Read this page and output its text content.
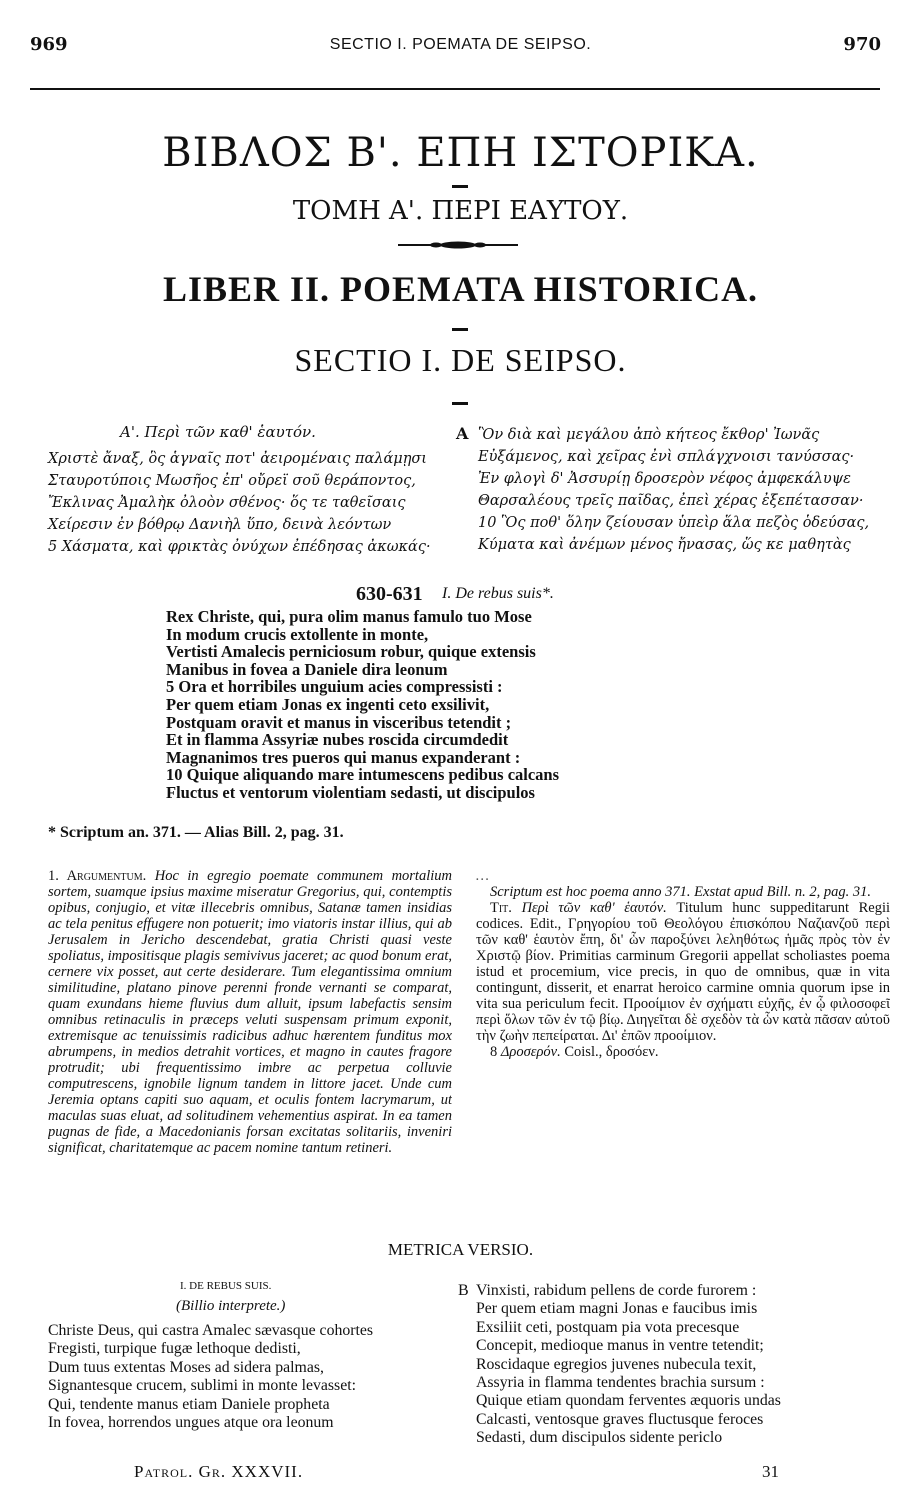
969	SECTIO I. POEMATA DE SEIPSO.	970
ΒΙΒΛΟΣ Β'. ΕΠΗ ΙΣΤΟΡΙΚΑ.
ΤΟΜΗ Α'. ΠΕΡΙ ΕΑΥΤΟΥ.
LIBER II. POEMATA HISTORICA.
SECTIO I. DE SEIPSO.
Α'. Περὶ τῶν καθ' ἑαυτόν.
Χριστὲ ἄναξ, ὃς ἁγναῖς ποτ' ἀειρομέναις παλάμῃσι
Σταυροτύποις Μωσῆος ἐπ' οὔρεϊ σοῦ θεράποντος,
Ἔκλινας Ἀμαλὴκ ὀλοὸν σθένος· ὅς τε ταθεῖσαις
Χείρεσιν ἐν βόθρῳ Δανιὴλ ὕπο, δεινὰ λεόντων
5 Χάσματα, καὶ φρικτὰς ὀνύχων ἐπέδησας ἀκωκάς·
A Ὃν διὰ καὶ μεγάλου ἀπὸ κήτεος ἔκθορ' Ἰωνᾶς
Εὐξάμενος, καὶ χεῖρας ἐνὶ σπλάγχνοισι τανύσσας·
Ἐν φλογὶ δ' Ἀσσυρίῃ δροσερὸν νέφος ἀμφεκάλυψε
Θαρσαλέους τρεῖς παῖδας, ἐπεὶ χέρας ἐξεπέτασσαν·
10 Ὃς ποθ' ὅλην ζείουσαν ὑπεὶρ ἅλα πεζὸς ὁδεύσας,
Κύματα καὶ ἀνέμων μένος ἤνασας, ὥς κε μαθητὰς
630-631 I. De rebus suis*.
Rex Christe, qui, pura olim manus famulo tuo Mose
In modum crucis extollente in monte,
Vertisti Amalecis perniciosum robur, quique extensis
Manibus in fovea a Daniele dira leonum
5 Ora et horribiles unguium acies compressisti :
Per quem etiam Jonas ex ingenti ceto exsilivit,
Postquam oravit et manus in visceribus tetendit ;
Et in flamma Assyriæ nubes roscida circumdedit
Magnanimos tres pueros qui manus expanderant :
10 Quique aliquando mare intumescens pedibus calcans
Fluctus et ventorum violentiam sedasti, ut discipulos
* Scriptum an. 371. — Alias Bill. 2, pag. 31.

1. Argumentum. Hoc in egregio poemate communem mortalium sortem, suamque ipsius maxime miseratur Gregorius, qui, contemptis opibus, conjugio, et vitæ illecebris omnibus, Satanæ tamen insidias ac tela penitus effugere non potuerit; imo viatoris instar illius, qui ab Jerusalem in Jericho descendebat, gratia Christi quasi veste spoliatus, impositisque plagis semivivus jaceret; ac quod bonum erat, cernere vix posset, aut certe desiderare. Tum elegantissima omnium similitudine, platano pinove perenni fronde vernanti se comparat, quam exundans hieme fluvius dum alluit, ipsum labefactis sensim omnibus retinaculis in præceps veluti suspensam primum exponit, extremisque ac tenuissimis radicibus adhuc hærentem funditus mox abrumpens, in medios detrahit vortices, et magno in cautes fragore protrudit; ubi frequentissimo imbre ac perpetua colluvie computrescens, ignobile lignum tandem in littore jacet. Unde cum Jeremia optans capiti suo aquam, et oculis fontem lacrymarum, ut maculas suas eluat, ad solitudinem vehementius aspirat. In ea tamen pugnas de fide, a Macedonianis forsan excitatas solitariis, inveniri significat, charitatemque ac pacem nomine tantum retineri.

…

Scriptum est hoc poema anno 371. Exstat apud Bill. n. 2, pag. 31.

Tit. Περὶ τῶν καθ' ἑαυτόν. Titulum hunc suppeditarunt Regii codices. Edit., Γρηγορίου τοῦ Θεολόγου ἐπισκόπου Ναζιανζοῦ περὶ τῶν καθ' ἑαυτὸν ἔπη, δι' ὧν παροξύνει λεληθότως ἡμᾶς πρὸς τὸν ἐν Χριστῷ βίον. Primitias carminum Gregorii appellat scholiastes poema istud et procemium, vice precis, in quo de omnibus, quæ in vita contingunt, disserit, et enarrat heroico carmine omnia quorum ipse in vita sua periculum fecit. Προοίμιον ἐν σχήματι εὐχῆς, ἐν ᾧ φιλοσοφεῖ περὶ ὅλων τῶν ἐν τῷ βίῳ. Διηγεῖται δὲ σχεδὸν τὰ ὧν κατὰ πᾶσαν αὐτοῦ τὴν ζωὴν πεπείραται. Δι' ἐπῶν προοίμιον.

8 Δροσερόν. Coisl., δροσόεν.

METRICA VERSIO.
I. DE REBUS SUIS.
(Billio interprete.)
Christe Deus, qui castra Amalec sævasque cohortes
Fregisti, turpique fugæ lethoque dedisti,
Dum tuus extentas Moses ad sidera palmas,
Signantesque crucem, sublimi in monte levasset:
Qui, tendente manus etiam Daniele propheta
In fovea, horrendos ungues atque ora leonum
B Vinxisti, rabidum pellens de corde furorem :
Per quem etiam magni Jonas e faucibus imis
Exsiliit ceti, postquam pia vota precesque
Concepit, medioque manus in ventre tetendit;
Roscidaque egregios juvenes nubecula texit,
Assyria in flamma tendentes brachia sursum :
Quique etiam quondam ferventes æquoris undas
Calcasti, ventosque graves fluctusque feroces
Sedasti, dum discipulos sidente periclo
Patrol. Gr. XXXVII.	31
